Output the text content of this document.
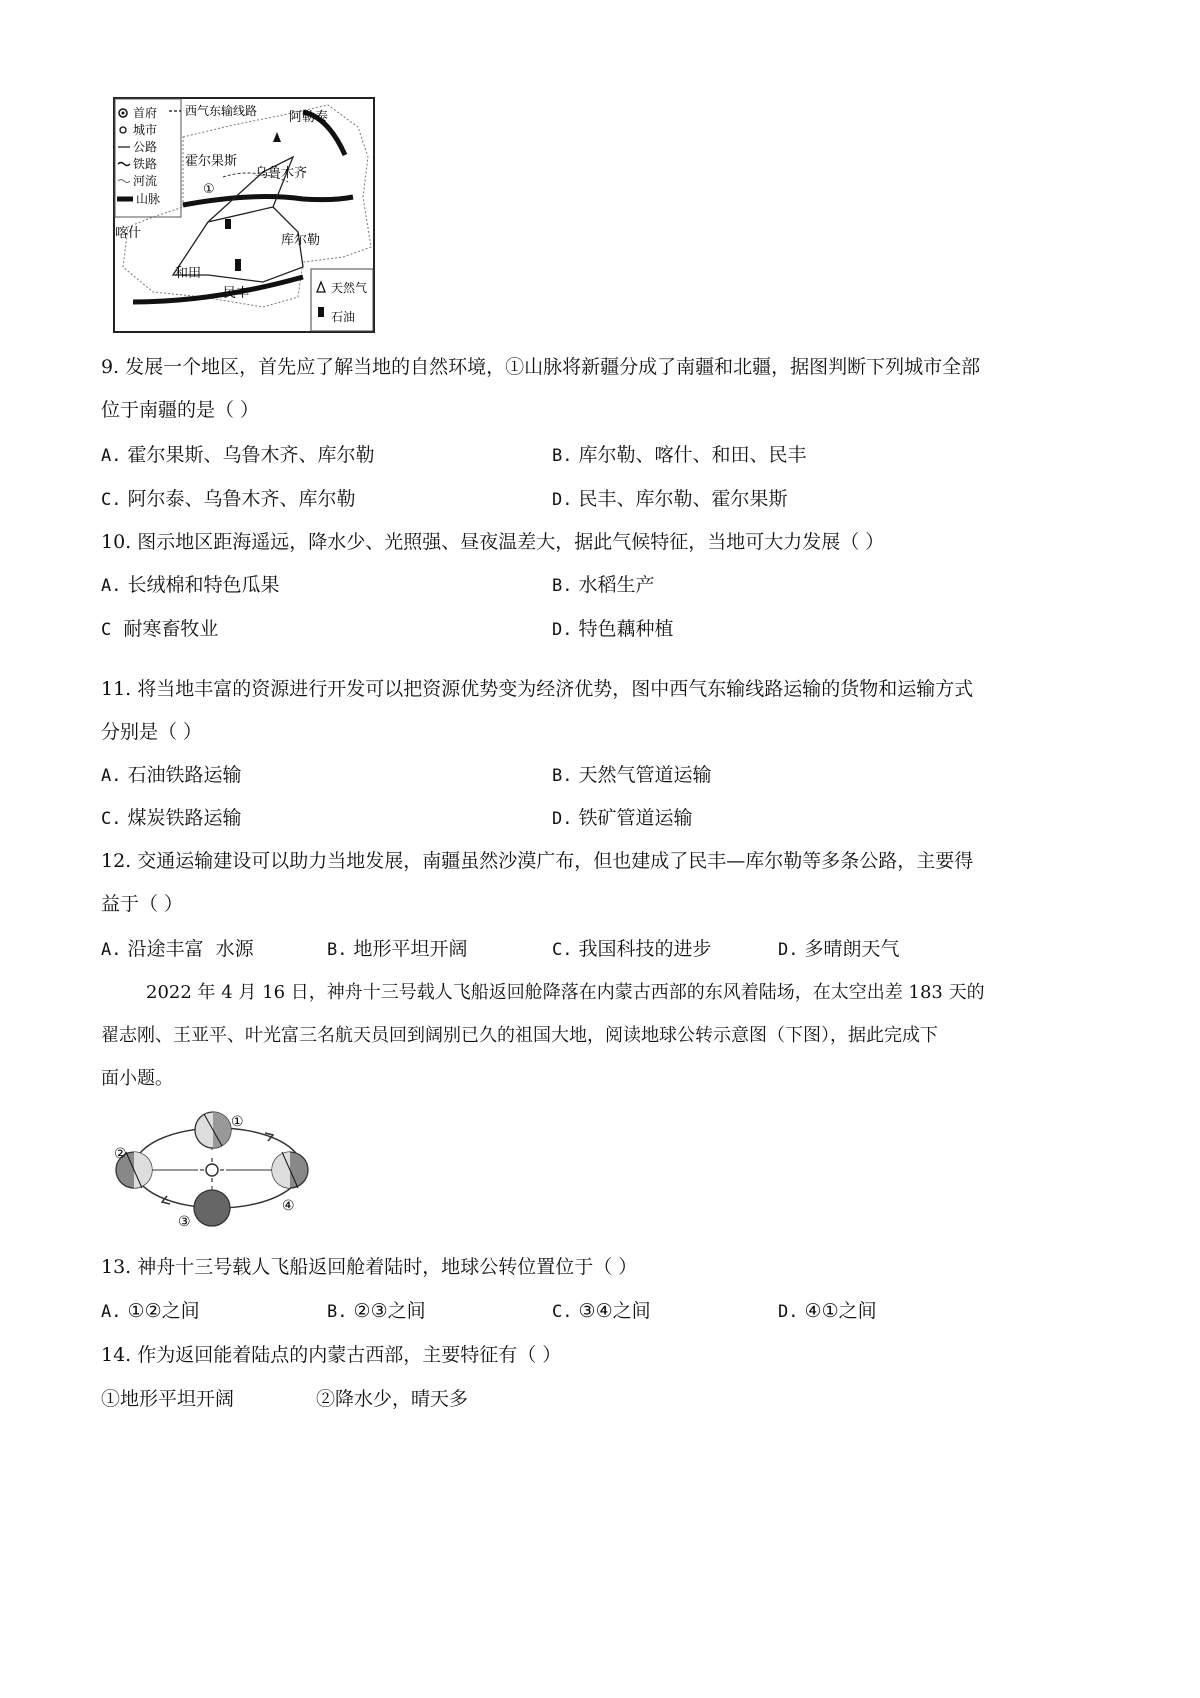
首府
城市
公路
铁路
河流
山脉
西气东输线路 阿勒泰
霍尔果斯
乌鲁木齐
喀什	库尔勒
和田
民丰
①
天然气
石油
9. 发展一个地区，首先应了解当地的自然环境，①山脉将新疆分成了南疆和北疆，据图判断下列城市全部
位于南疆的是（ ）
A. 霍尔果斯、乌鲁木齐、库尔勒	B. 库尔勒、喀什、和田、民丰
C. 阿尔泰、乌鲁木齐、库尔勒	D. 民丰、库尔勒、霍尔果斯
10. 图示地区距海遥远，降水少、光照强、昼夜温差大，据此气候特征，当地可大力发展（ ）
A. 长绒棉和特色瓜果	B. 水稻生产
C 耐寒畜牧业	D. 特色藕种植
11. 将当地丰富的资源进行开发可以把资源优势变为经济优势，图中西气东输线路运输的货物和运输方式
分别是（ ）
A. 石油铁路运输	B. 天然气管道运输
C. 煤炭铁路运输	D. 铁矿管道运输
12. 交通运输建设可以助力当地发展，南疆虽然沙漠广布，但也建成了民丰—库尔勒等多条公路，主要得
益于（ ）
A. 沿途丰富  水源	B. 地形平坦开阔	C. 我国科技的进步	D. 多晴朗天气
2022 年 4 月 16 日，神舟十三号载人飞船返回舱降落在内蒙古西部的东风着陆场，在太空出差 183 天的
翟志刚、王亚平、叶光富三名航天员回到阔别已久的祖国大地，阅读地球公转示意图（下图），据此完成下
面小题。
①
②
③
④
13. 神舟十三号载人飞船返回舱着陆时，地球公转位置位于（ ）
A. ①②之间	B. ②③之间	C. ③④之间	D. ④①之间
14. 作为返回能着陆点的内蒙古西部，主要特征有（ ）
①地形平坦开阔	②降水少，晴天多
